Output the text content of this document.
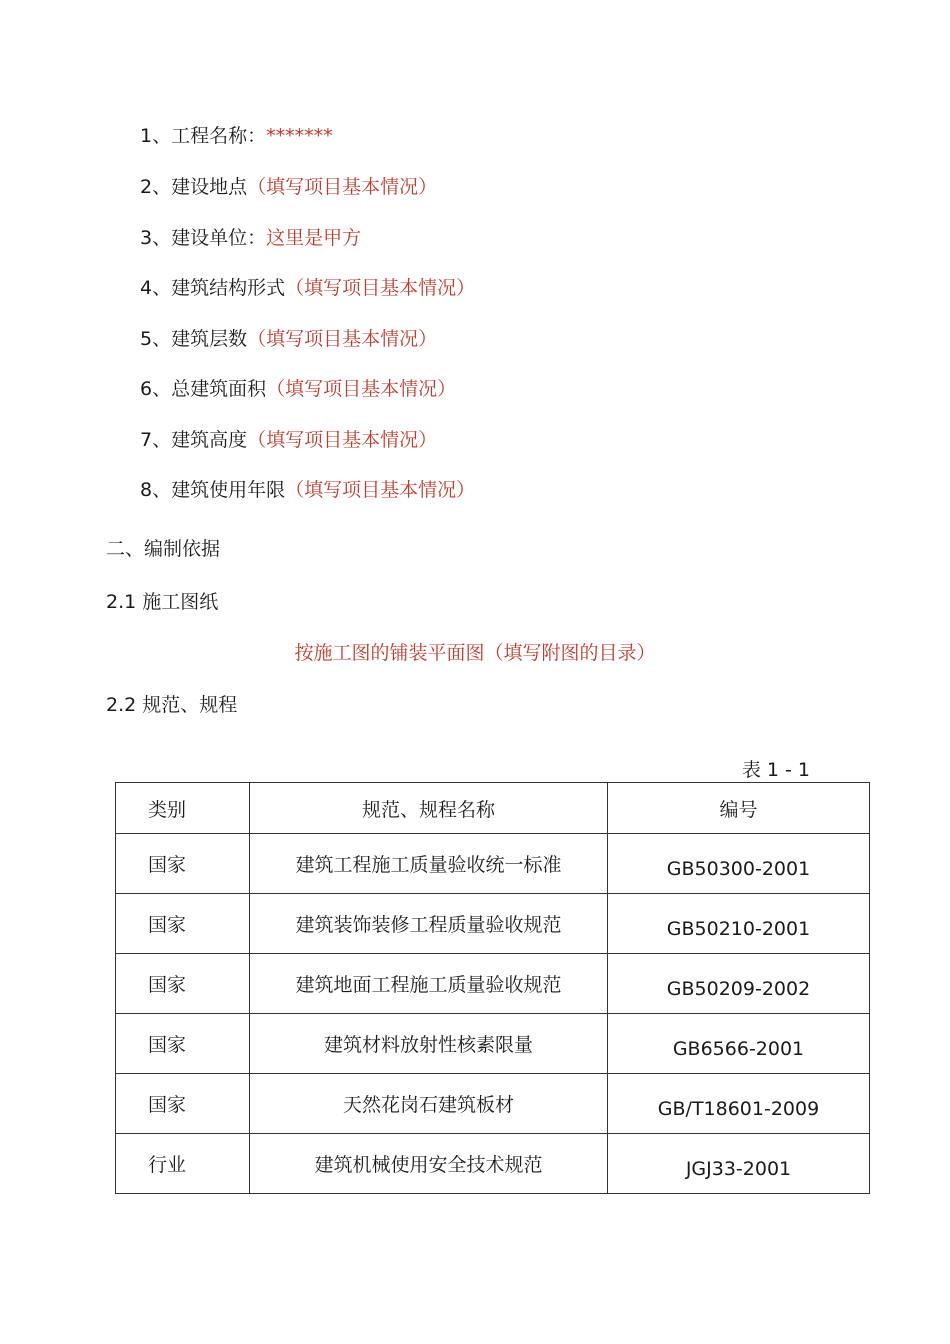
1、工程名称：*******
2、建设地点（填写项目基本情况）
3、建设单位：这里是甲方
4、建筑结构形式（填写项目基本情况）
5、建筑层数（填写项目基本情况）
6、总建筑面积（填写项目基本情况）
7、建筑高度（填写项目基本情况）
8、建筑使用年限（填写项目基本情况）
二、编制依据
2.1 施工图纸
按施工图的铺装平面图（填写附图的目录）
2.2 规范、规程
表 1 - 1
类别	规范、规程名称	编号
国家	建筑工程施工质量验收统一标准	GB50300-2001
国家	建筑装饰装修工程质量验收规范	GB50210-2001
国家	建筑地面工程施工质量验收规范	GB50209-2002
国家	建筑材料放射性核素限量	GB6566-2001
国家	天然花岗石建筑板材	GB/T18601-2009
行业	建筑机械使用安全技术规范	JGJ33-2001
